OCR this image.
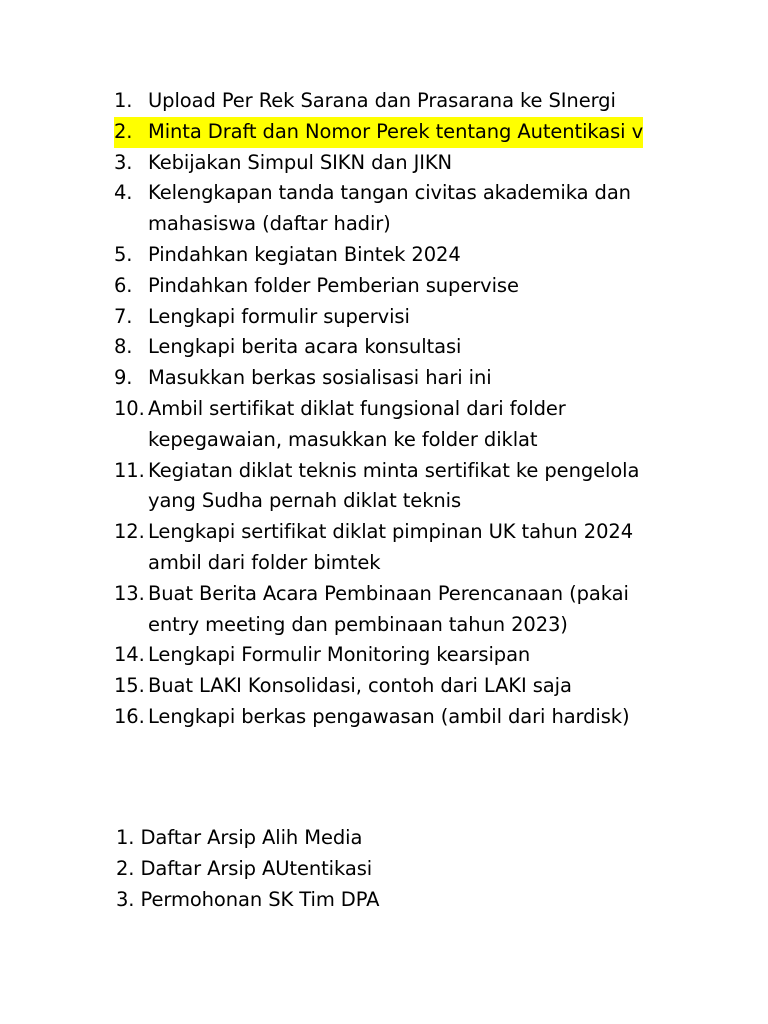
1. Upload Per Rek Sarana dan Prasarana ke SInergi
2. Minta Draft dan Nomor Perek tentang Autentikasi v
3. Kebijakan Simpul SIKN dan JIKN
4. Kelengkapan tanda tangan civitas akademika dan mahasiswa (daftar hadir)
5. Pindahkan kegiatan Bintek 2024
6. Pindahkan folder Pemberian supervise
7. Lengkapi formulir supervisi
8. Lengkapi berita acara konsultasi
9. Masukkan berkas sosialisasi hari ini
10. Ambil sertifikat diklat fungsional dari folder kepegawaian, masukkan ke folder diklat
11. Kegiatan diklat teknis minta sertifikat ke pengelola yang Sudha pernah diklat teknis
12. Lengkapi sertifikat diklat pimpinan UK tahun 2024 ambil dari folder bimtek
13. Buat Berita Acara Pembinaan Perencanaan (pakai entry meeting dan pembinaan tahun 2023)
14. Lengkapi Formulir Monitoring kearsipan
15. Buat LAKI Konsolidasi, contoh dari LAKI saja
16. Lengkapi berkas pengawasan (ambil dari hardisk)
1. Daftar Arsip Alih Media
2. Daftar Arsip AUtentikasi
3. Permohonan SK Tim DPA
